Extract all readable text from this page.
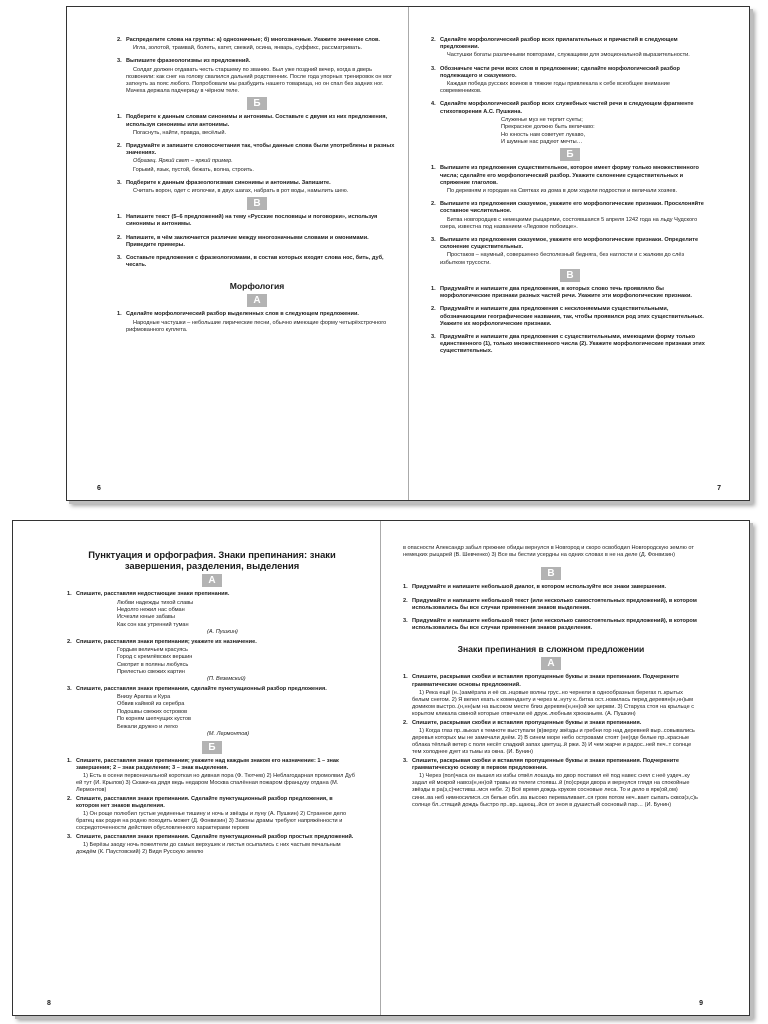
2. Распределите слова на группы: а) однозначные; б) многозначные. Укажите значение слов.
Игла, золотой, трамвай, болеть, катет, свежий, осина, январь, суффикс, рассматривать.
3. Выпишите фразеологизмы из предложений.
Солдат должен отдавать честь старшему по званию. Был уже поздний вечер, когда в дверь позвонили: как снег на голову свалился дальний родственник. После года упорных тренировок он мог заткнуть за пояс любого. Попробовали мы разбудить нашего товарища, но он спал без задних ног. Мачеха держала падчерицу в чёрном теле.
Б
1. Подберите к данным словам синонимы и антонимы. Составьте с двумя из них предложения, используя синонимы или антонимы.
Погаснуть, найти, правда, весёлый.
2. Придумайте и запишите словосочетания так, чтобы данные слова были употреблены в разных значениях.
Образец. Яркий свет – яркий пример.
Горький, язык, пустой, бежать, волна, строить.
3. Подберите к данным фразеологизмам синонимы и антонимы. Запишите.
Считать ворон, одет с иголочки, в двух шагах, набрать в рот воды, намылить шею.
В
1. Напишите текст (5–6 предложений) на тему «Русские пословицы и поговорки», используя синонимы и антонимы.
2. Напишите, в чём заключается различие между многозначными словами и омонимами. Приведите примеры.
3. Составьте предложения с фразеологизмами, в состав которых входят слова нос, бить, дуб, чесать.
Морфология
А
1. Сделайте морфологический разбор выделенных слов в следующем предложении.
Народные частушки – небольшие лирические песни, обычно имеющие форму четырёхстрочного рифмованного куплета.
6
2. Сделайте морфологический разбор всех прилагательных и причастий в следующем предложении.
Частушки богаты различными повторами, служащими для эмоциональной выразительности.
3. Обозначьте части речи всех слов в предложении; сделайте морфологический разбор подлежащего и сказуемого.
Каждая победа русских воинов в тяжкие годы привлекала к себе всеобщее внимание современников.
4. Сделайте морфологический разбор всех служебных частей речи в следующем фрагменте стихотворения А.С. Пушкина.
Служенье муз не терпит суеты;
Прекрасное должно быть величаво:
Но юность нам советует лукаво,
И шумные нас радуют мечты…
Б
1. Выпишите из предложения существительное, которое имеет форму только множественного числа; сделайте его морфологический разбор. Укажите склонение существительных и спряжение глаголов.
По деревням и городам на Святках из дома в дом ходили подростки и величали хозяев.
2. Выпишите из предложения сказуемое, укажите его морфологические признаки. Просклоняйте составное числительное.
Битва новгородцев с немецкими рыцарями, состоявшаяся 5 апреля 1242 года на льду Чудского озера, известна под названием «Ледовое побоище».
3. Выпишите из предложения сказуемое, укажите его морфологические признаки. Определите склонение существительных.
Простаков – наумный, совершенно бесполезный бедняга, без наглости и с жалким до слёз избытком трусости.
В
1. Придумайте и напишите два предложения, в которых слово течь проявляло бы морфологические признаки разных частей речи. Укажите эти морфологические признаки.
2. Придумайте и напишите два предложения с несклоняемыми существительными, обозначающими географические названия, так, чтобы проявился род этих существительных. Укажите их морфологические признаки.
3. Придумайте и напишите два предложения с существительными, имеющими форму только единственного (1), только множественного числа (2). Укажите морфологические признаки этих существительных.
7
Пунктуация и орфография. Знаки препинания: знаки завершения, разделения, выделения
А
1. Спишите, расставляя недостающие знаки препинания.
Любви надежды тихой славы
Недолго нежил нас обман
Исчезли юные забавы
Как сон как утренний туман
(А. Пушкин)
2. Спишите, расставляя знаки препинания; укажите их назначение.
Гордым величьем красуясь
Город с кремлёвских вершин
Смотрит в поляны любуясь
Прелестью свежих картин
(П. Вяземский)
3. Спишите, расставляя знаки препинания, сделайте пунктуационный разбор предложения.
Внизу Арагва и Кура
Обвив каймой из серебра
Подошвы свежих островов
По корням шепчущих кустов
Бежали дружно и легко
(М. Лермонтов)
Б
1. Спишите, расставляя знаки препинания; укажите над каждым знаком его назначение: 1 – знак завершения; 2 – знак разделения; 3 – знак выделения.
1) Есть в осени первоначальной короткая но дивная пора (Ф. Тютчев) 2) Неблагодарная промолвил Дуб ей тут (И. Крылов) 3) Скажи-ка дядя ведь недаром Москва спалённая пожаром французу отдана (М. Лермонтов)
2. Спишите, расставляя знаки препинания. Сделайте пунктуационный разбор предложения, в котором нет знаков выделения.
1) Он роще полюбил густые уединенье тишину и ночь и звёзды и луну (А. Пушкин) 2) Странное дело братец как родня на родню походить может (Д. Фонвизин) 3) Законы драмы требуют напряжённости и сосредоточенности действия обусловленного характерами героев
3. Спишите, расставляя знаки препинания. Сделайте пунктуационный разбор простых предложений.
1) Берёзы заоду ночь пожелтели до самых верхушек и листья осыпались с них частым печальным дождём (К. Паустовский) 2) Видя Русскую землю
8
в опасности Александр забыл прежние обиды вернулся в Новгород и скоро освободил Новгородскую землю от немецких рыцарей (В. Шевченко) 3) Все вы бестии усердны на одних словах в не на деле (Д. Фонвизин)
В
1. Придумайте и напишите небольшой диалог, в котором используйте все знаки завершения.
2. Придумайте и напишите небольшой текст (или несколько самостоятельных предложений), в котором использовались бы все случаи применения знаков выделения.
3. Придумайте и напишите небольшой текст (или несколько самостоятельных предложений), в котором использовались бы все случаи применения знаков разделения.
Знаки препинания в сложном предложении
А
1. Спишите, раскрывая скобки и вставляя пропущенные буквы и знаки препинания. Подчеркните грамматические основы предложений.
1) Река ещё (н..)замёрзла и её св..нцовые волны грус..но чернели в однообразных берегах п..крытых белым снегом. 2) Я велел ехать к коменданту и через м..нуту к..битка ост..новилась перед деревян(н,нн)ым домиком выстро..(н,нн)ым на высоком месте близ деревян(н,нн)ой же церкви. 3) Старуха стоя на крыльце с корытом кликала свиной которые отвечали её друж..любным хрюканьем. (А. Пушкин)
2. Спишите, раскрывая скобки и вставляя пропущенные буквы и знаки препинания.
1) Когда глаз пр..выкал к темноте выступали (в)верху звёзды и гребни гор над деревней выр..совывались деревья которых мы не замечали днём. 2) В синем море небо островами стоят (не)где белые пр..красные облака тёплый ветер с поля несёт сладкий запах цветущ..й ржи. 3) И чем жарче и радос..ней печ..т солнце тем холоднее дует из тьмы из окна. (И. Бунин)
3. Спишите, раскрывая скобки и вставляя пропущенные буквы и знаки препинания. Подчеркните грамматическую основу в первом предложении.
1) Через (пол)часа он вышел из избы отвёл лошадь во двор поставил её под навес снял с неё уздеч..ку задал ей мокрой навоз(н,нн)ой травы из телеги стоявш..й (по)среди двора и вернулся глядя на спокойные звёзды в ра(з,с)чистивш..мся небе. 2) Всё время дождь круком сосновые леса. То и дело в ярк(ой,ом) сини..ва неб нимносилися..ся белые обл..ва высоко переваливает..ся гром потом неч..вает сыпать сквоз(з,с)ь солнце бл..стящий дождь быстро пр..вр..щающ..йся от зноя в душистый сосновый пар… (И. Бунин)
9
